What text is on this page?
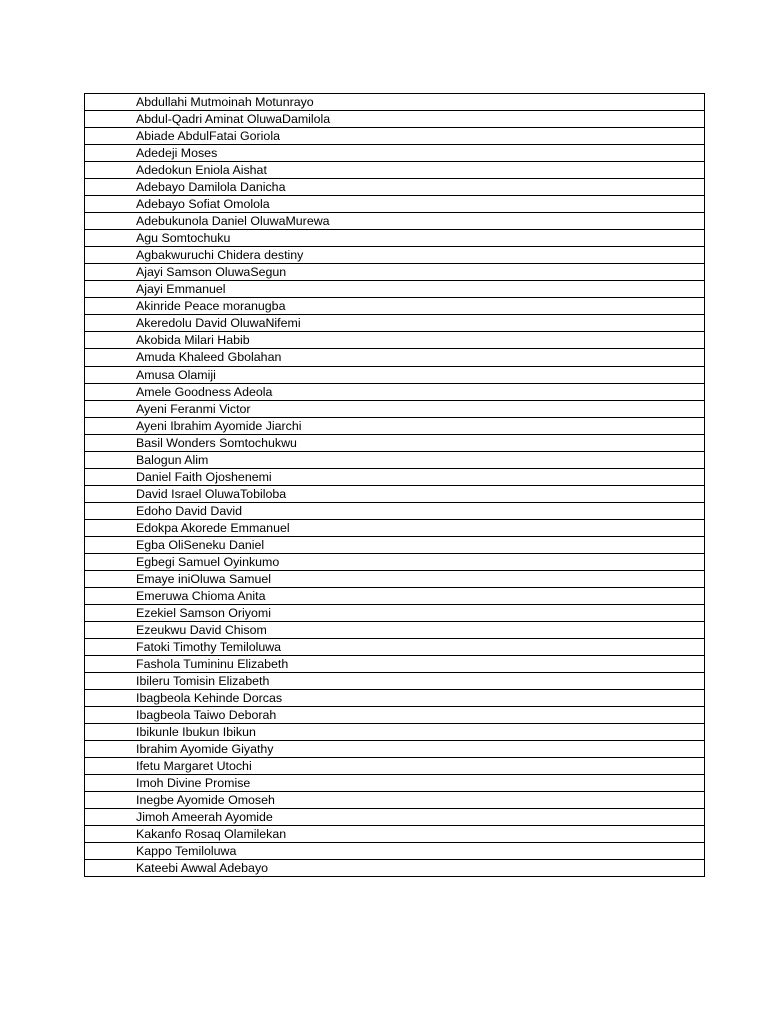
Abdullahi Mutmoinah Motunrayo
Abdul-Qadri Aminat OluwaDamilola
Abiade AbdulFatai Goriola
Adedeji Moses
Adedokun Eniola Aishat
Adebayo Damilola Danicha
Adebayo Sofiat Omolola
Adebukunola Daniel OluwaMurewa
Agu Somtochuku
Agbakwuruchi Chidera destiny
Ajayi Samson OluwaSegun
Ajayi Emmanuel
Akinride Peace moranugba
Akeredolu David OluwaNifemi
Akobida Milari Habib
Amuda Khaleed Gbolahan
Amusa Olamiji
Amele Goodness Adeola
Ayeni Feranmi Victor
Ayeni Ibrahim Ayomide Jiarchi
Basil Wonders Somtochukwu
Balogun Alim
Daniel Faith Ojoshenemi
David Israel OluwaTobiloba
Edoho David David
Edokpa Akorede Emmanuel
Egba OliSeneku Daniel
Egbegi Samuel Oyinkumo
Emaye iniOluwa Samuel
Emeruwa Chioma Anita
Ezekiel Samson Oriyomi
Ezeukwu David Chisom
Fatoki Timothy Temiloluwa
Fashola Tumininu Elizabeth
Ibileru Tomisin Elizabeth
Ibagbeola Kehinde Dorcas
Ibagbeola Taiwo Deborah
Ibikunle Ibukun Ibikun
Ibrahim Ayomide Giyathy
Ifetu Margaret Utochi
Imoh Divine Promise
Inegbe Ayomide Omoseh
Jimoh Ameerah Ayomide
Kakanfo Rosaq Olamilekan
Kappo Temiloluwa
Kateebi Awwal Adebayo
